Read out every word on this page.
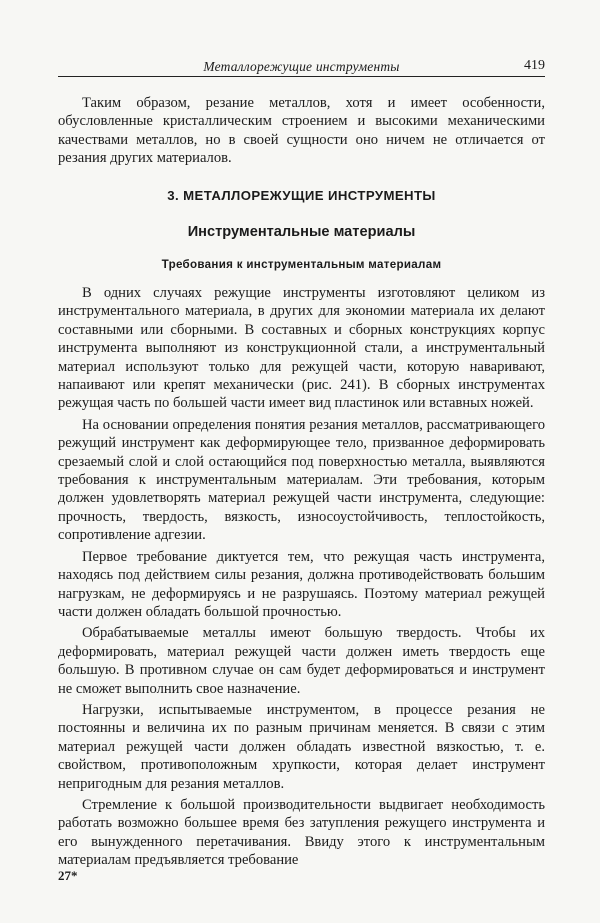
Металлорежущие инструменты	419

Таким образом, резание металлов, хотя и имеет особенности, обусловленные кристаллическим строением и высокими механическими качествами металлов, но в своей сущности оно ничем не отличается от резания других материалов.

3. МЕТАЛЛОРЕЖУЩИЕ ИНСТРУМЕНТЫ
Инструментальные материалы
Требования к инструментальным материалам

В одних случаях режущие инструменты изготовляют целиком из инструментального материала, в других для экономии материала их делают составными или сборными. В составных и сборных конструкциях корпус инструмента выполняют из конструкционной стали, а инструментальный материал используют только для режущей части, которую наваривают, напаивают или крепят механически (рис. 241). В сборных инструментах режущая часть по большей части имеет вид пластинок или вставных ножей.

На основании определения понятия резания металлов, рассматривающего режущий инструмент как деформирующее тело, призванное деформировать срезаемый слой и слой остающийся под поверхностью металла, выявляются требования к инструментальным материалам. Эти требования, которым должен удовлетворять материал режущей части инструмента, следующие: прочность, твердость, вязкость, износоустойчивость, теплостойкость, сопротивление адгезии.

Первое требование диктуется тем, что режущая часть инструмента, находясь под действием силы резания, должна противодействовать большим нагрузкам, не деформируясь и не разрушаясь. Поэтому материал режущей части должен обладать большой прочностью.

Обрабатываемые металлы имеют большую твердость. Чтобы их деформировать, материал режущей части должен иметь твердость еще большую. В противном случае он сам будет деформироваться и инструмент не сможет выполнить свое назначение.

Нагрузки, испытываемые инструментом, в процессе резания не постоянны и величина их по разным причинам меняется. В связи с этим материал режущей части должен обладать известной вязкостью, т. е. свойством, противоположным хрупкости, которая делает инструмент непригодным для резания металлов.

Стремление к большой производительности выдвигает необходимость работать возможно большее время без затупления режущего инструмента и его вынужденного перетачивания. Ввиду этого к инструментальным материалам предъявляется требование

27*
